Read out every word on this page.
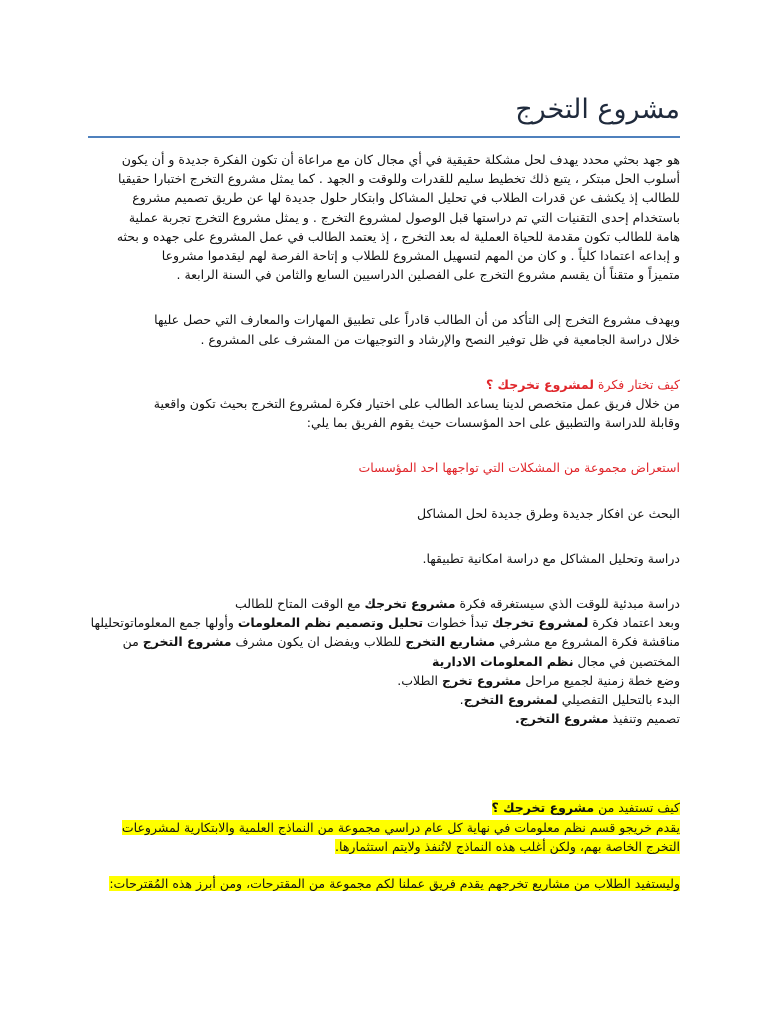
مشروع التخرج

هو جهد بحثي محدد يهدف لحل مشكلة حقيقية في أي مجال كان مع مراعاة أن تكون الفكرة جديدة و أن يكون

أسلوب الحل مبتكر ، يتبع ذلك تخطيط سليم للقدرات وللوقت و الجهد . كما يمثل مشروع التخرج اختبارا حقيقيا

للطالب إذ يكشف عن قدرات الطلاب في تحليل المشاكل وابتكار حلول جديدة لها عن طريق تصميم مشروع

باستخدام إحدى التقنيات التي تم دراستها قبل الوصول لمشروع التخرج . و يمثل مشروع التخرج تجربة عملية

هامة للطالب تكون مقدمة للحياة العملية له بعد التخرج ، إذ يعتمد الطالب في عمل المشروع على جهده و بحثه

و إبداعه اعتمادا كلياً . و كان من المهم لتسهيل المشروع للطلاب و إتاحة الفرصة لهم ليقدموا مشروعا

متميزاً و متقناً أن يقسم مشروع التخرج على الفصلين الدراسيين السابع والثامن في السنة الرابعة .

ويهدف مشروع التخرج إلى التأكد من أن الطالب قادراً على تطبيق المهارات والمعارف التي حصل عليها

خلال دراسة الجامعية في ظل توفير النصح والإرشاد و التوجيهات من المشرف على المشروع .

كيف تختار فكرة لمشروع تخرجك ؟

من خلال فريق عمل متخصص لدينا يساعد الطالب على اختيار فكرة لمشروع التخرج بحيث تكون واقعية

وقابلة للدراسة والتطبيق على احد المؤسسات حيث يقوم الفريق بما يلي:

استعراض مجموعة من المشكلات التي تواجهها احد المؤسسات

البحث عن افكار جديدة وطرق جديدة لحل المشاكل

دراسة وتحليل المشاكل مع دراسة امكانية تطبيقها.

دراسة مبدئية للوقت الذي سيستغرقه فكرة مشروع تخرجك مع الوقت المتاح للطالب

وبعد اعتماد فكرة لمشروع تخرجك تبدأ خطوات تحليل وتصميم نظم المعلومات وأولها جمع المعلوماتوتحليلها

مناقشة فكرة المشروع مع مشرفي مشاريع التخرج للطلاب ويفضل ان يكون مشرف مشروع التخرج من

المختصين في مجال نظم المعلومات الادارية

وضع خطة زمنية لجميع مراحل مشروع تخرج الطلاب.

البدء بالتحليل التفصيلي لمشروع التخرج.

تصميم وتنفيذ مشروع التخرج.

كيف تستفيد من مشروع تخرجك ؟

يقدم خريجو قسم نظم معلومات في نهاية كل عام دراسي مجموعة من النماذج العلمية والابتكارية لمشروعات

التخرج الخاصة بهم، ولكن أغلب هذه النماذج لاتُنفذ ولايتم استثمارها.

وليستفيد الطلاب من مشاريع تخرجهم يقدم فريق عملنا لكم مجموعة من المقترحات، ومن أبرز هذه المُقترحات:
